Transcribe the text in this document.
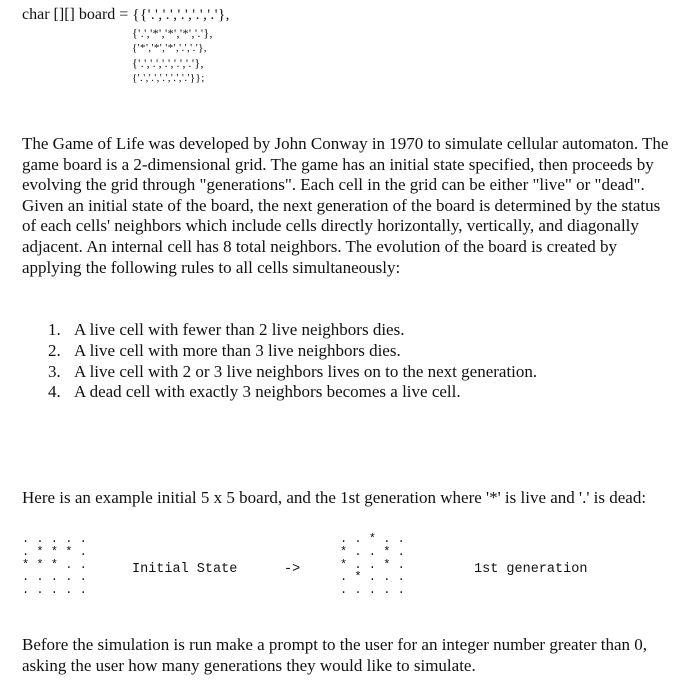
char [][] board = {{'.','.','.','.','.'},
{'.','*','*','*','.'},
{'*','*','*','.','.'},
{'.','.','.','.','.'},
{'.','.','.','.','.'}};
The Game of Life was developed by John Conway in 1970 to simulate cellular automaton. The game board is a 2-dimensional grid. The game has an initial state specified, then proceeds by evolving the grid through "generations". Each cell in the grid can be either "live" or "dead". Given an initial state of the board, the next generation of the board is determined by the status of each cells' neighbors which include cells directly horizontally, vertically, and diagonally adjacent. An internal cell has 8 total neighbors. The evolution of the board is created by applying the following rules to all cells simultaneously:
1. A live cell with fewer than 2 live neighbors dies.
2. A live cell with more than 3 live neighbors dies.
3. A live cell with 2 or 3 live neighbors lives on to the next generation.
4. A dead cell with exactly 3 neighbors becomes a live cell.
Here is an example initial 5 x 5 board, and the 1st generation where '*' is live and '.' is dead:
. . . . .
. * * * .
* * * . .
. . . . .
. . . . .
Initial State	->
. . * . .
* . . * .
* . . * .
. * . . .
. . . . .
1st generation
Before the simulation is run make a prompt to the user for an integer number greater than 0, asking the user how many generations they would like to simulate.
